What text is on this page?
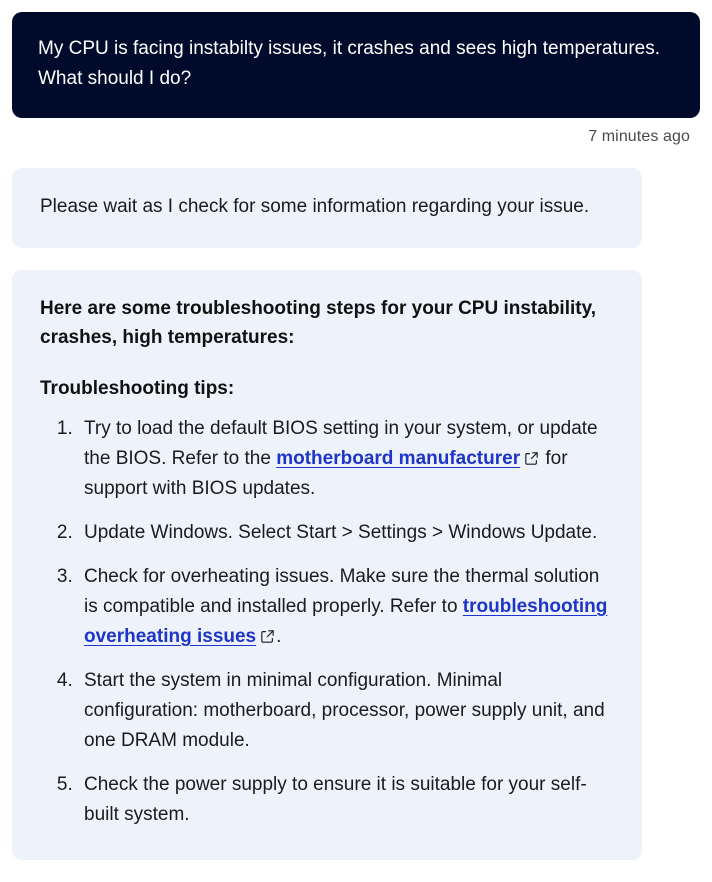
My CPU is facing instabilty issues, it crashes and sees high temperatures. What should I do?
7 minutes ago

Please wait as I check for some information regarding your issue.

Here are some troubleshooting steps for your CPU instability, crashes, high temperatures:

Troubleshooting tips:

1. Try to load the default BIOS setting in your system, or update the BIOS. Refer to the motherboard manufacturer
for support with BIOS updates.
2. Update Windows. Select Start > Settings > Windows Update.
3. Check for overheating issues. Make sure the thermal solution is compatible and installed properly. Refer to troubleshooting overheating issues .
4. Start the system in minimal configuration. Minimal configuration: motherboard, processor, power supply unit, and one DRAM module.
5. Check the power supply to ensure it is suitable for your self-built system.
